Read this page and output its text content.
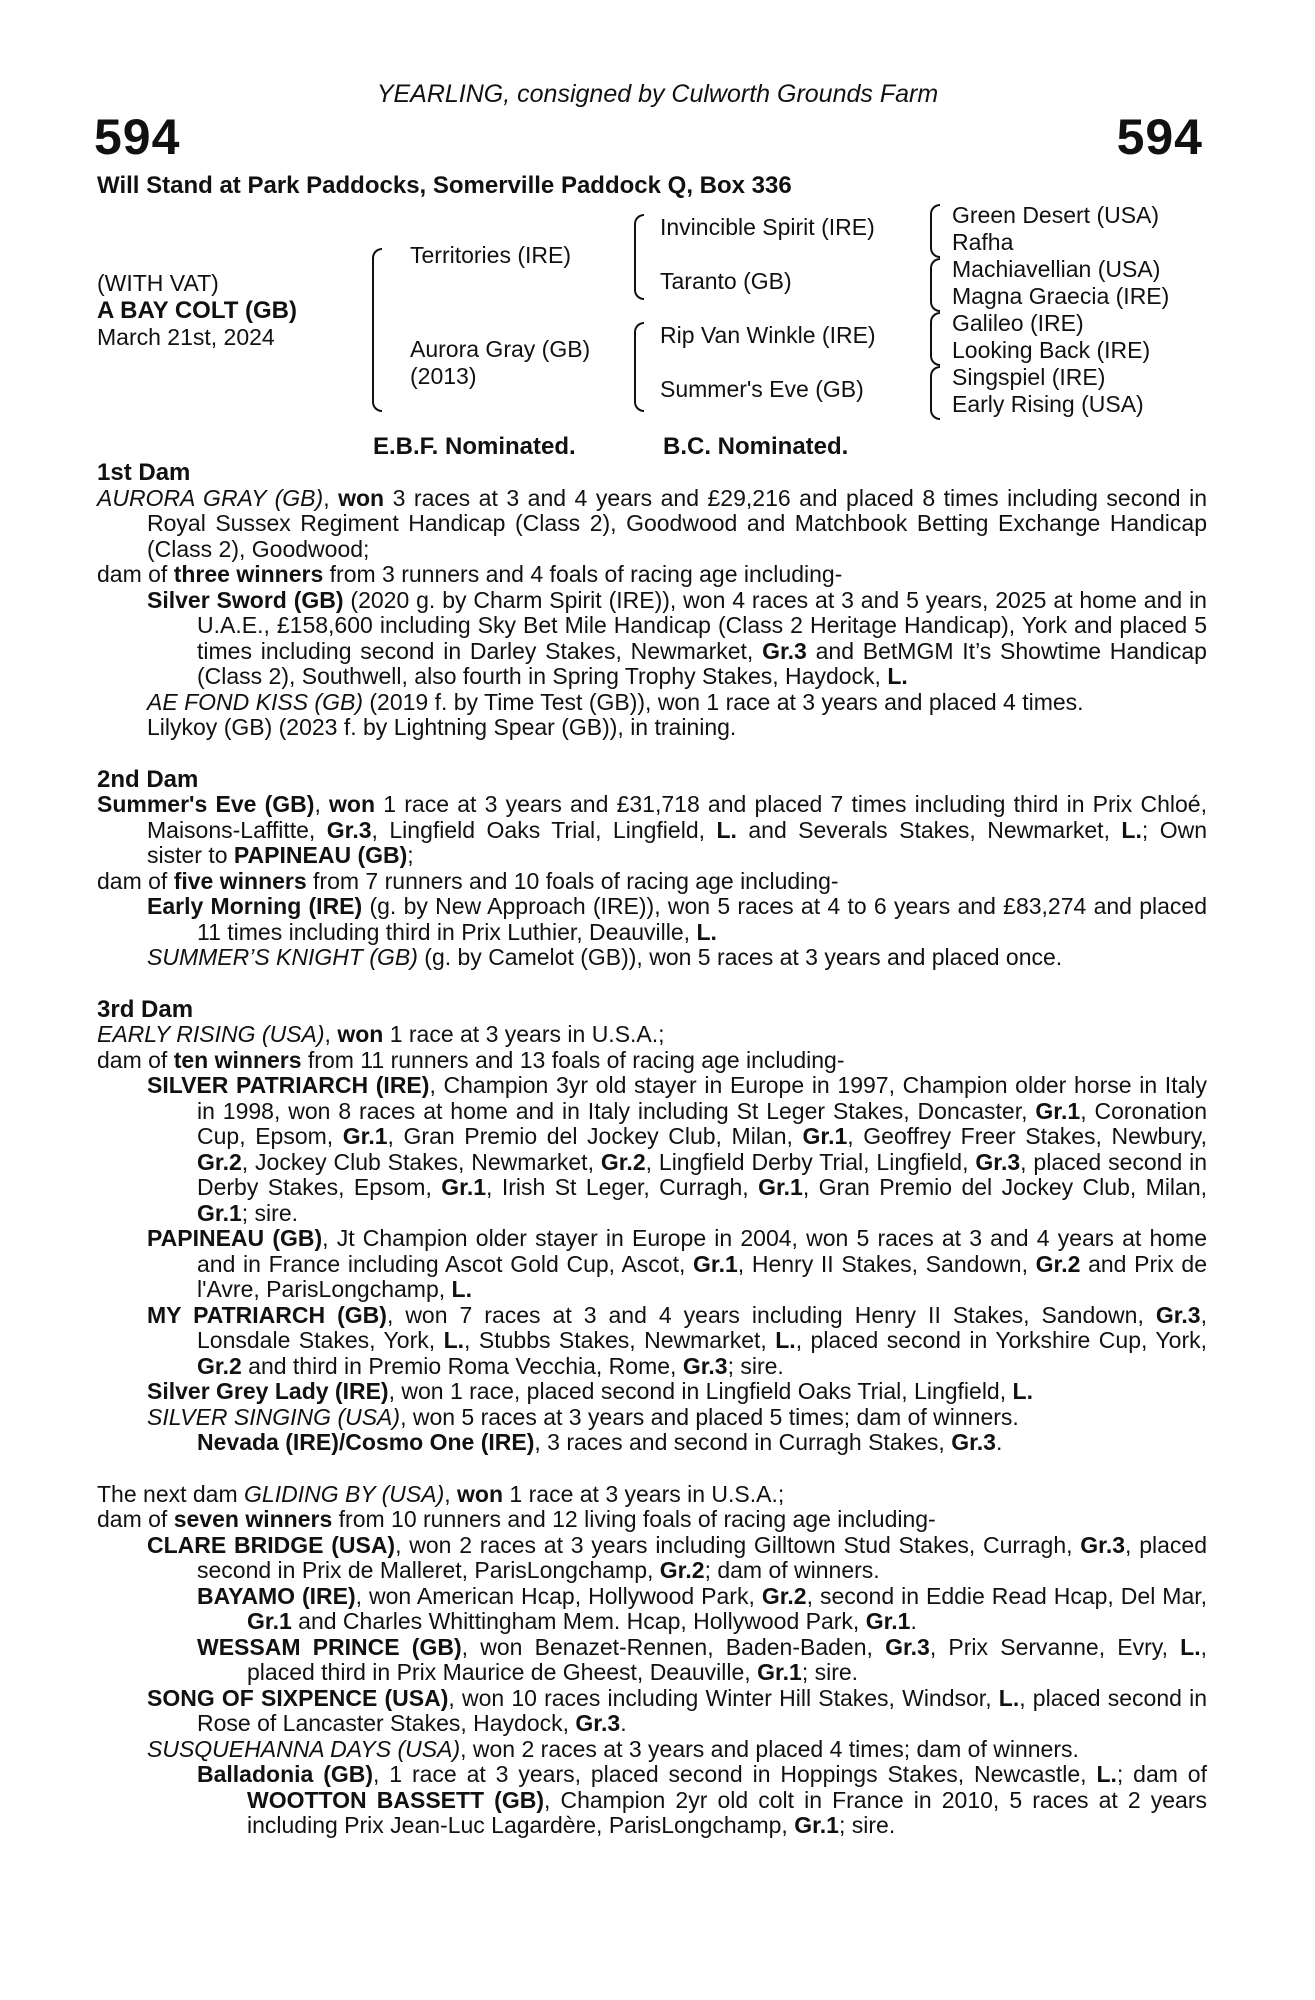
YEARLING, consigned by Culworth Grounds Farm
594	594
Will Stand at Park Paddocks, Somerville Paddock Q, Box 336
(WITH VAT)
A BAY COLT (GB)
March 21st, 2024
Territories (IRE)
Aurora Gray (GB)
(2013)
Invincible Spirit (IRE)
Taranto (GB)
Rip Van Winkle (IRE)
Summer's Eve (GB)
Green Desert (USA)
Rafha
Machiavellian (USA)
Magna Graecia (IRE)
Galileo (IRE)
Looking Back (IRE)
Singspiel (IRE)
Early Rising (USA)
E.B.F. Nominated.	B.C. Nominated.

1st Dam

AURORA GRAY (GB), won 3 races at 3 and 4 years and £29,216 and placed 8 times including second in Royal Sussex Regiment Handicap (Class 2), Goodwood and Matchbook Betting Exchange Handicap (Class 2), Goodwood;

dam of three winners from 3 runners and 4 foals of racing age including-

Silver Sword (GB) (2020 g. by Charm Spirit (IRE)), won 4 races at 3 and 5 years, 2025 at home and in U.A.E., £158,600 including Sky Bet Mile Handicap (Class 2 Heritage Handicap), York and placed 5 times including second in Darley Stakes, Newmarket, Gr.3 and BetMGM It’s Showtime Handicap (Class 2), Southwell, also fourth in Spring Trophy Stakes, Haydock, L.

AE FOND KISS (GB) (2019 f. by Time Test (GB)), won 1 race at 3 years and placed 4 times.

Lilykoy (GB) (2023 f. by Lightning Spear (GB)), in training.

2nd Dam

Summer's Eve (GB), won 1 race at 3 years and £31,718 and placed 7 times including third in Prix Chloé, Maisons-Laffitte, Gr.3, Lingfield Oaks Trial, Lingfield, L. and Severals Stakes, Newmarket, L.; Own sister to PAPINEAU (GB);

dam of five winners from 7 runners and 10 foals of racing age including-

Early Morning (IRE) (g. by New Approach (IRE)), won 5 races at 4 to 6 years and £83,274 and placed 11 times including third in Prix Luthier, Deauville, L.

SUMMER’S KNIGHT (GB) (g. by Camelot (GB)), won 5 races at 3 years and placed once.

3rd Dam

EARLY RISING (USA), won 1 race at 3 years in U.S.A.;

dam of ten winners from 11 runners and 13 foals of racing age including-

SILVER PATRIARCH (IRE), Champion 3yr old stayer in Europe in 1997, Champion older horse in Italy in 1998, won 8 races at home and in Italy including St Leger Stakes, Doncaster, Gr.1, Coronation Cup, Epsom, Gr.1, Gran Premio del Jockey Club, Milan, Gr.1, Geoffrey Freer Stakes, Newbury, Gr.2, Jockey Club Stakes, Newmarket, Gr.2, Lingfield Derby Trial, Lingfield, Gr.3, placed second in Derby Stakes, Epsom, Gr.1, Irish St Leger, Curragh, Gr.1, Gran Premio del Jockey Club, Milan, Gr.1; sire.

PAPINEAU (GB), Jt Champion older stayer in Europe in 2004, won 5 races at 3 and 4 years at home and in France including Ascot Gold Cup, Ascot, Gr.1, Henry II Stakes, Sandown, Gr.2 and Prix de l'Avre, ParisLongchamp, L.

MY PATRIARCH (GB), won 7 races at 3 and 4 years including Henry II Stakes, Sandown, Gr.3, Lonsdale Stakes, York, L., Stubbs Stakes, Newmarket, L., placed second in Yorkshire Cup, York, Gr.2 and third in Premio Roma Vecchia, Rome, Gr.3; sire.

Silver Grey Lady (IRE), won 1 race, placed second in Lingfield Oaks Trial, Lingfield, L.

SILVER SINGING (USA), won 5 races at 3 years and placed 5 times; dam of winners.

Nevada (IRE)/Cosmo One (IRE), 3 races and second in Curragh Stakes, Gr.3.

The next dam GLIDING BY (USA), won 1 race at 3 years in U.S.A.;

dam of seven winners from 10 runners and 12 living foals of racing age including-

CLARE BRIDGE (USA), won 2 races at 3 years including Gilltown Stud Stakes, Curragh, Gr.3, placed second in Prix de Malleret, ParisLongchamp, Gr.2; dam of winners.

BAYAMO (IRE), won American Hcap, Hollywood Park, Gr.2, second in Eddie Read Hcap, Del Mar, Gr.1 and Charles Whittingham Mem. Hcap, Hollywood Park, Gr.1.

WESSAM PRINCE (GB), won Benazet-Rennen, Baden-Baden, Gr.3, Prix Servanne, Evry, L., placed third in Prix Maurice de Gheest, Deauville, Gr.1; sire.

SONG OF SIXPENCE (USA), won 10 races including Winter Hill Stakes, Windsor, L., placed second in Rose of Lancaster Stakes, Haydock, Gr.3.

SUSQUEHANNA DAYS (USA), won 2 races at 3 years and placed 4 times; dam of winners.

Balladonia (GB), 1 race at 3 years, placed second in Hoppings Stakes, Newcastle, L.; dam of WOOTTON BASSETT (GB), Champion 2yr old colt in France in 2010, 5 races at 2 years including Prix Jean-Luc Lagardère, ParisLongchamp, Gr.1; sire.
